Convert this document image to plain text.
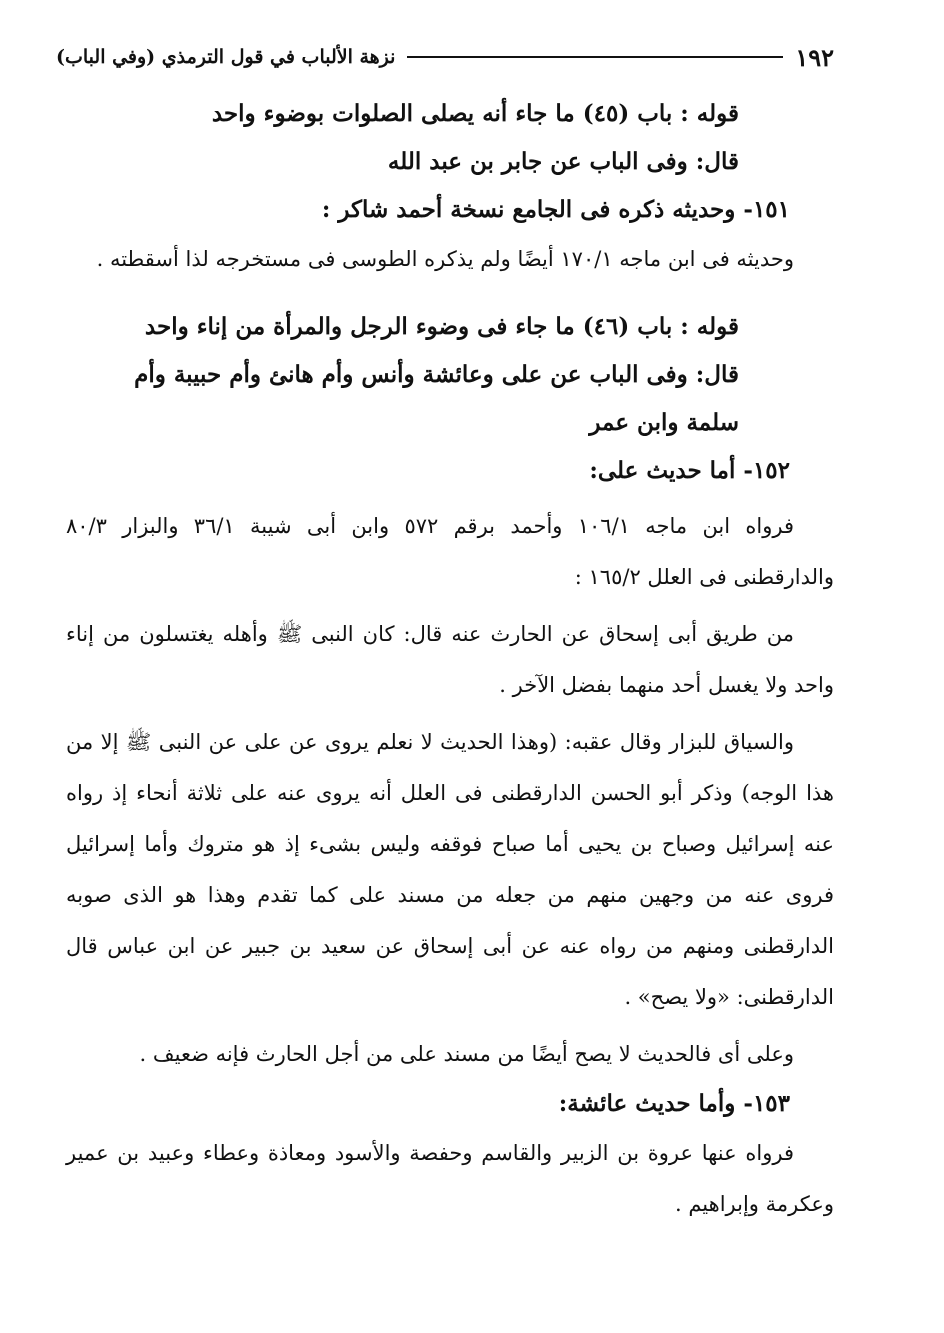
١٩٢
نزهة الألباب في قول الترمذي (وفي الباب)
قوله : باب (٤٥) ما جاء أنه يصلى الصلوات بوضوء واحد
قال: وفى الباب عن جابر بن عبد الله
١٥١- وحديثه ذكره فى الجامع نسخة أحمد شاكر :

وحديثه فى ابن ماجه ١٧٠/١ أيضًا ولم يذكره الطوسى فى مستخرجه لذا أسقطته .

قوله : باب (٤٦) ما جاء فى وضوء الرجل والمرأة من إناء واحد
قال: وفى الباب عن على وعائشة وأنس وأم هانئ وأم حبيبة وأم سلمة وابن عمر
١٥٢- أما حديث على:

فرواه ابن ماجه ١٠٦/١ وأحمد برقم ٥٧٢ وابن أبى شيبة ٣٦/١ والبزار ٨٠/٣ والدارقطنى فى العلل ١٦٥/٢ :

من طريق أبى إسحاق عن الحارث عنه قال: كان النبى ﷺ وأهله يغتسلون من إناء واحد ولا يغسل أحد منهما بفضل الآخر .

والسياق للبزار وقال عقبه: (وهذا الحديث لا نعلم يروى عن على عن النبى ﷺ إلا من هذا الوجه) وذكر أبو الحسن الدارقطنى فى العلل أنه يروى عنه على ثلاثة أنحاء إذ رواه عنه إسرائيل وصباح بن يحيى أما صباح فوقفه وليس بشىء إذ هو متروك وأما إسرائيل فروى عنه من وجهين منهم من جعله من مسند على كما تقدم وهذا هو الذى صوبه الدارقطنى ومنهم من رواه عنه عن أبى إسحاق عن سعيد بن جبير عن ابن عباس قال الدارقطنى: «ولا يصح» .

وعلى أى فالحديث لا يصح أيضًا من مسند على من أجل الحارث فإنه ضعيف .

١٥٣- وأما حديث عائشة:

فرواه عنها عروة بن الزبير والقاسم وحفصة والأسود ومعاذة وعطاء وعبيد بن عمير وعكرمة وإبراهيم .
